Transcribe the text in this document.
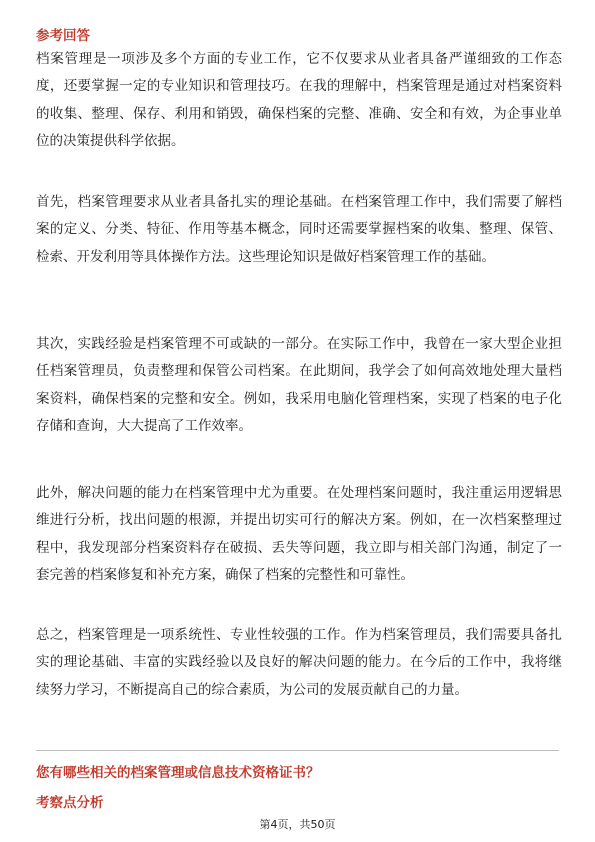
参考回答

档案管理是一项涉及多个方面的专业工作，它不仅要求从业者具备严谨细致的工作态度，还要掌握一定的专业知识和管理技巧。在我的理解中，档案管理是通过对档案资料的收集、整理、保存、利用和销毁，确保档案的完整、准确、安全和有效，为企事业单位的决策提供科学依据。

首先，档案管理要求从业者具备扎实的理论基础。在档案管理工作中，我们需要了解档案的定义、分类、特征、作用等基本概念，同时还需要掌握档案的收集、整理、保管、检索、开发利用等具体操作方法。这些理论知识是做好档案管理工作的基础。

其次，实践经验是档案管理不可或缺的一部分。在实际工作中，我曾在一家大型企业担任档案管理员，负责整理和保管公司档案。在此期间，我学会了如何高效地处理大量档案资料，确保档案的完整和安全。例如，我采用电脑化管理档案，实现了档案的电子化存储和查询，大大提高了工作效率。

此外，解决问题的能力在档案管理中尤为重要。在处理档案问题时，我注重运用逻辑思维进行分析，找出问题的根源，并提出切实可行的解决方案。例如，在一次档案整理过程中，我发现部分档案资料存在破损、丢失等问题，我立即与相关部门沟通，制定了一套完善的档案修复和补充方案，确保了档案的完整性和可靠性。

总之，档案管理是一项系统性、专业性较强的工作。作为档案管理员，我们需要具备扎实的理论基础、丰富的实践经验以及良好的解决问题的能力。在今后的工作中，我将继续努力学习，不断提高自己的综合素质，为公司的发展贡献自己的力量。

您有哪些相关的档案管理或信息技术资格证书？

考察点分析

第4页，共50页
